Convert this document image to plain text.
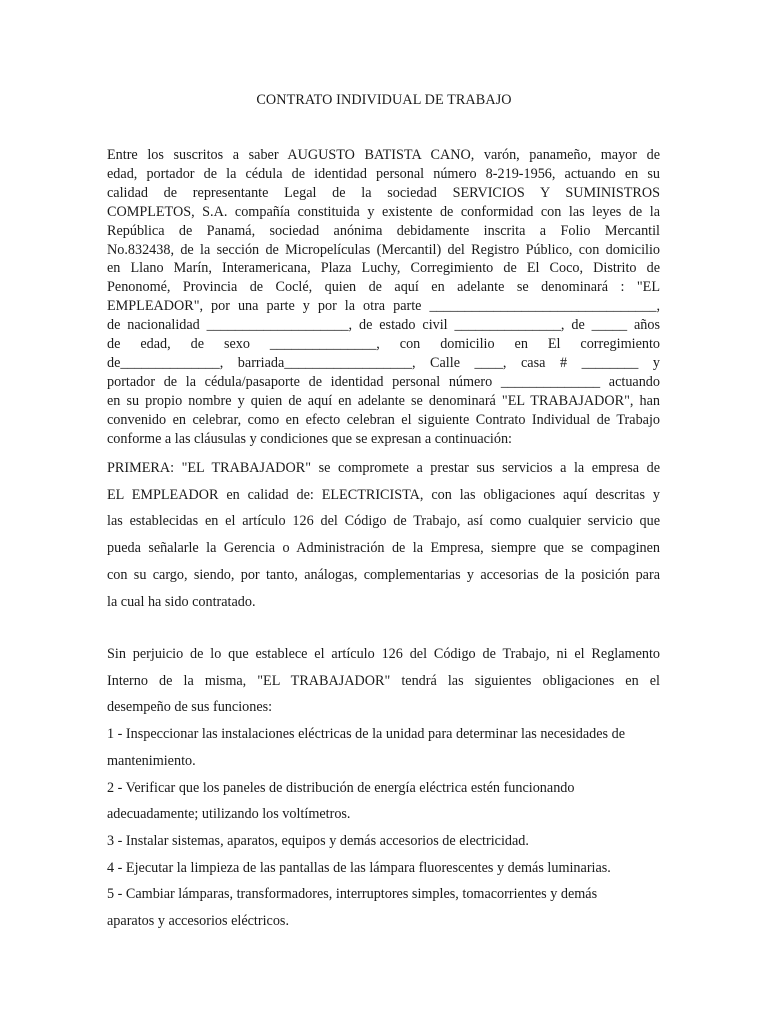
CONTRATO INDIVIDUAL DE TRABAJO
Entre los suscritos a saber AUGUSTO BATISTA CANO, varón, panameño, mayor de
edad, portador de la cédula de identidad personal número 8-219-1956, actuando en su
calidad de representante Legal de la sociedad SERVICIOS Y SUMINISTROS
COMPLETOS, S.A. compañía constituida y existente de conformidad con las leyes de la
República de Panamá, sociedad anónima debidamente inscrita a Folio Mercantil
No.832438, de la sección de Micropelículas (Mercantil) del Registro Público, con domicilio
en Llano Marín, Interamericana, Plaza Luchy, Corregimiento de El Coco, Distrito de
Penonomé, Provincia de Coclé, quien de aquí en adelante se denominará : "EL
EMPLEADOR", por una parte y por la otra parte ________________________________,
de nacionalidad ____________________, de estado civil _______________, de _____ años
de edad, de sexo _______________, con domicilio en El corregimiento
de______________, barriada__________________, Calle ____, casa # ________ y
portador de la cédula/pasaporte de identidad personal número ______________ actuando
en su propio nombre y quien de aquí en adelante se denominará "EL TRABAJADOR", han
convenido en celebrar, como en efecto celebran el siguiente Contrato Individual de Trabajo
conforme a las cláusulas y condiciones que se expresan a continuación:
PRIMERA: "EL TRABAJADOR" se compromete a prestar sus servicios a la empresa de
EL EMPLEADOR en calidad de: ELECTRICISTA, con las obligaciones aquí descritas y
las establecidas en el artículo 126 del Código de Trabajo, así como cualquier servicio que
pueda señalarle la Gerencia o Administración de la Empresa, siempre que se compaginen
con su cargo, siendo, por tanto, análogas, complementarias y accesorias de la posición para
la cual ha sido contratado.
Sin perjuicio de lo que establece el artículo 126 del Código de Trabajo, ni el Reglamento
Interno de la misma, "EL TRABAJADOR" tendrá las siguientes obligaciones en el
desempeño de sus funciones:
1 - Inspeccionar las instalaciones eléctricas de la unidad para determinar las necesidades de
mantenimiento.
2 - Verificar que los paneles de distribución de energía eléctrica estén funcionando
adecuadamente; utilizando los voltímetros.
3 - Instalar sistemas, aparatos, equipos y demás accesorios de electricidad.
4 - Ejecutar la limpieza de las pantallas de las lámpara fluorescentes y demás luminarias.
5 - Cambiar lámparas, transformadores, interruptores simples, tomacorrientes y demás
aparatos y accesorios eléctricos.
